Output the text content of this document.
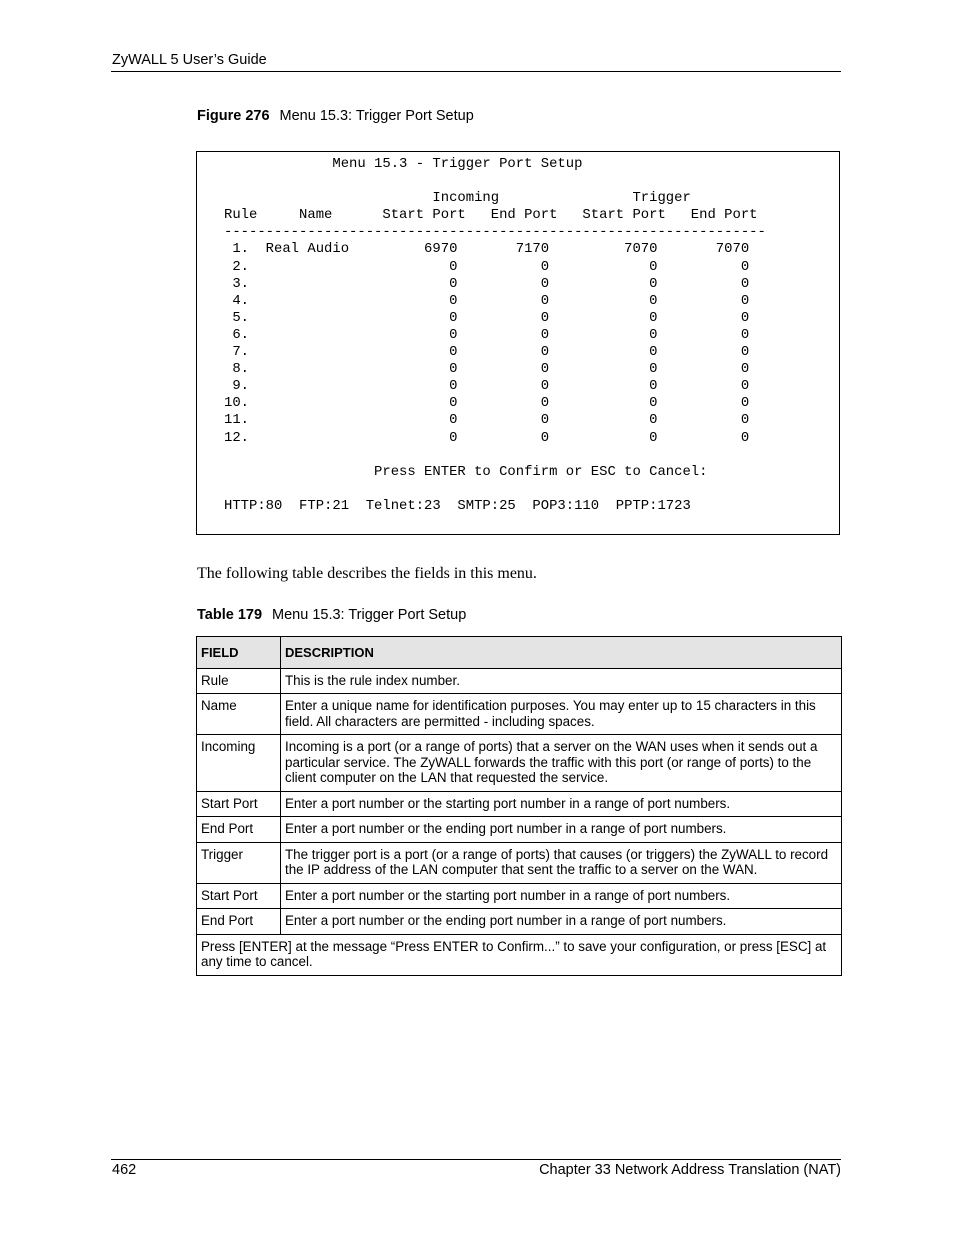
ZyWALL 5 User’s Guide
Figure 276 Menu 15.3: Trigger Port Setup
Menu 15.3 - Trigger Port Setup

Incoming                Trigger
Rule     Name      Start Port   End Port   Start Port   End Port
-----------------------------------------------------------------
1.  Real Audio         6970       7170         7070       7070
2.                        0          0            0          0
3.                        0          0            0          0
4.                        0          0            0          0
5.                        0          0            0          0
6.                        0          0            0          0
7.                        0          0            0          0
8.                        0          0            0          0
9.                        0          0            0          0
10.                        0          0            0          0
11.                        0          0            0          0
12.                        0          0            0          0

Press ENTER to Confirm or ESC to Cancel:

HTTP:80  FTP:21  Telnet:23  SMTP:25  POP3:110  PPTP:1723
The following table describes the fields in this menu.
Table 179 Menu 15.3: Trigger Port Setup
FIELD	DESCRIPTION
Rule	This is the rule index number.
Name	Enter a unique name for identification purposes. You may enter up to 15 characters in this field. All characters are permitted - including spaces.
Incoming	Incoming is a port (or a range of ports) that a server on the WAN uses when it sends out a particular service. The ZyWALL forwards the traffic with this port (or range of ports) to the client computer on the LAN that requested the service.
Start Port	Enter a port number or the starting port number in a range of port numbers.
End Port	Enter a port number or the ending port number in a range of port numbers.
Trigger	The trigger port is a port (or a range of ports) that causes (or triggers) the ZyWALL to record the IP address of the LAN computer that sent the traffic to a server on the WAN.
Start Port	Enter a port number or the starting port number in a range of port numbers.
End Port	Enter a port number or the ending port number in a range of port numbers.
Press [ENTER] at the message “Press ENTER to Confirm...” to save your configuration, or press [ESC] at any time to cancel.	
462	Chapter 33 Network Address Translation (NAT)
